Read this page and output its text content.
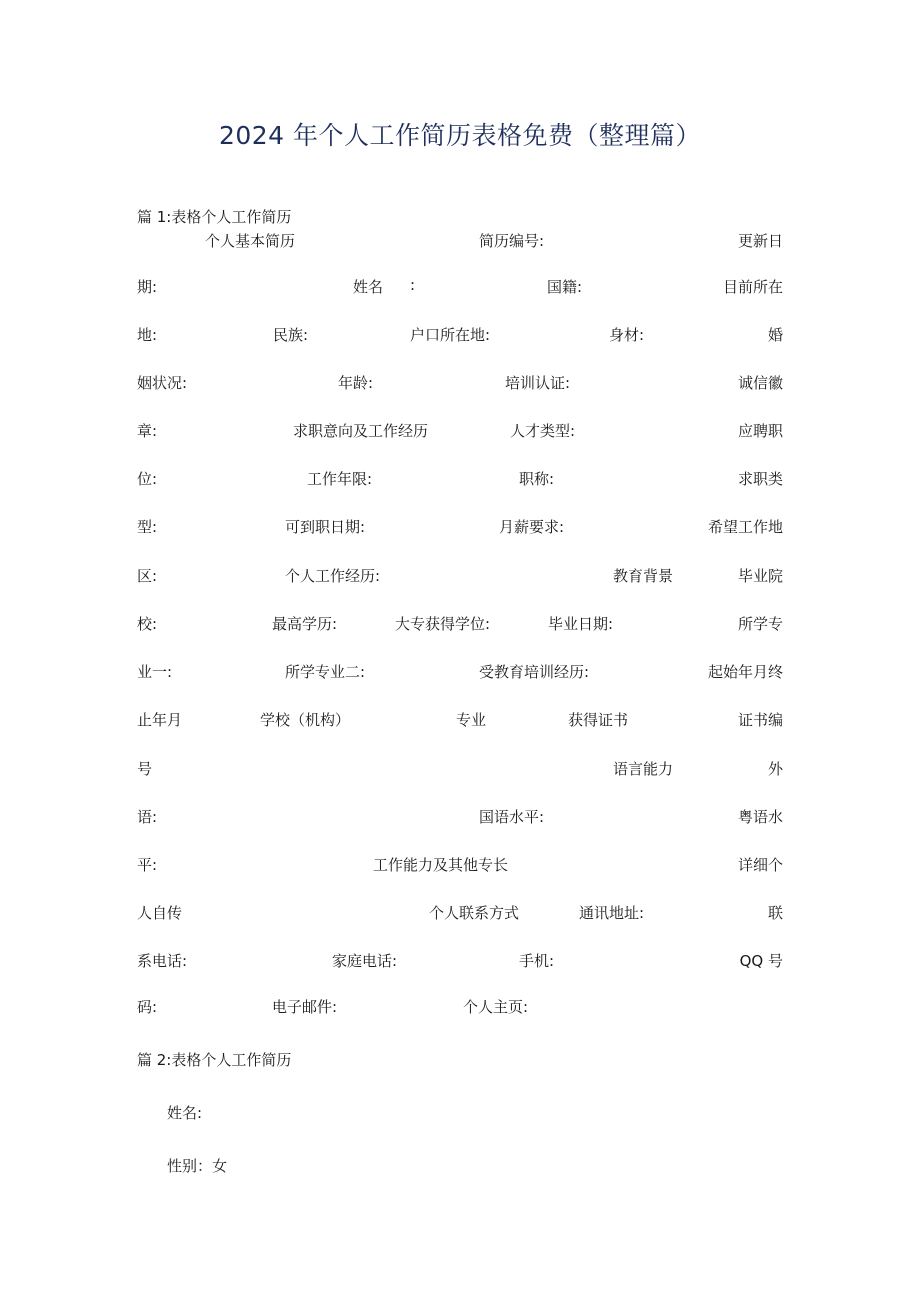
2024 年个人工作简历表格免费（整理篇）
篇 1:表格个人工作简历
个人基本简历	简历编号:	更新日
期:	姓名 :	国籍:	目前所在
地:	民族:	户口所在地:	身材:	婚
姻状况:	年龄:	培训认证:	诚信徽
章:	求职意向及工作经历	人才类型:	应聘职
位:	工作年限:	职称:	求职类
型:	可到职日期:	月薪要求:	希望工作地
区:	个人工作经历:	教育背景	毕业院
校:	最高学历:	大专获得学位:	毕业日期:	所学专
业一:	所学专业二:	受教育培训经历:	起始年月终
止年月	学校（机构）	专业	获得证书	证书编
号	语言能力	外
语:	国语水平:	粤语水
平:	工作能力及其他专长	详细个
人自传	个人联系方式	通讯地址:	联
系电话:	家庭电话:	手机:	QQ 号
码:	电子邮件:	个人主页:
篇 2:表格个人工作简历
姓名:
性别：女
